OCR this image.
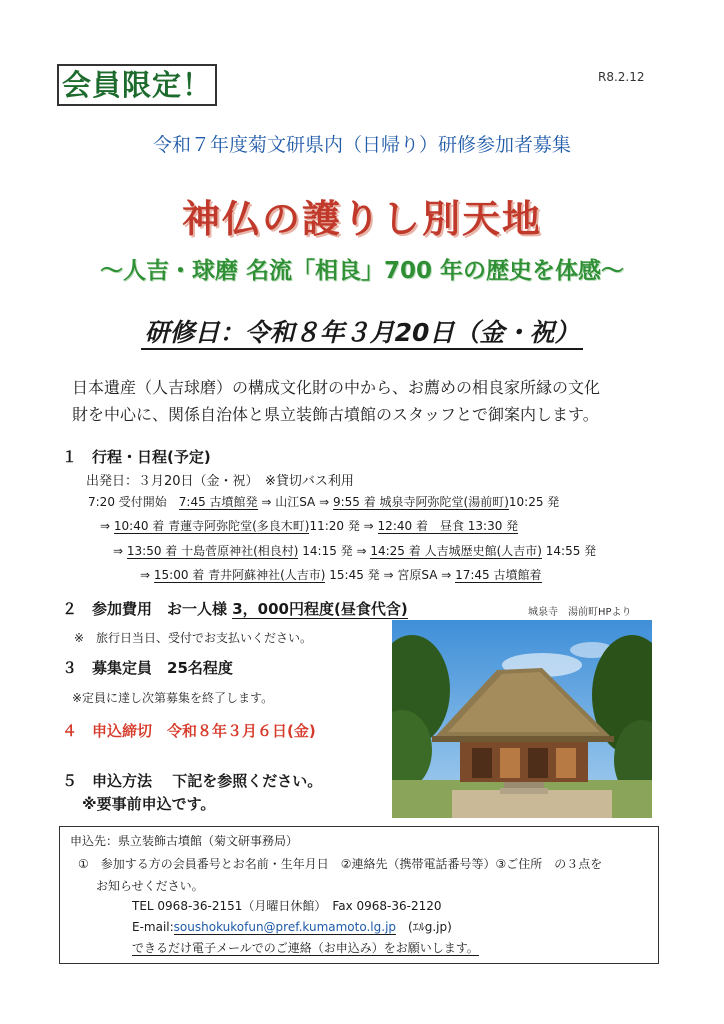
会員限定！	R8.2.12
令和７年度菊文研県内（日帰り）研修参加者募集
神仏の護りし別天地
～人吉・球磨 名流「相良」700 年の歴史を体感～
研修日：令和８年３月20日（金・祝）
日本遺産（人吉球磨）の構成文化財の中から、お薦めの相良家所縁の文化
財を中心に、関係自治体と県立装飾古墳館のスタッフとで御案内します。
１　行程・日程(予定)
出発日：３月20日（金・祝）　※貸切バス利用
7:20 受付開始　7:45 古墳館発 ⇒ 山江SA ⇒ 9:55 着 城泉寺阿弥陀堂(湯前町)10:25 発
⇒ 10:40 着 青蓮寺阿弥陀堂(多良木町)11:20 発 ⇒ 12:40 着　昼食 13:30 発
⇒ 13:50 着 十島菅原神社(相良村) 14:15 発 ⇒ 14:25 着 人吉城歴史館(人吉市) 14:55 発
⇒ 15:00 着 青井阿蘇神社(人吉市) 15:45 発 ⇒ 宮原SA ⇒ 17:45 古墳館着
２　参加費用　お一人様 3，000円程度(昼食代含)
※　旅行日当日、受付でお支払いください。
３　募集定員　25名程度
※定員に達し次第募集を終了します。
４　申込締切　令和８年３月６日(金)
５　申込方法　 下記を参照ください。
※要事前申込です。
城泉寺　湯前町HPより
申込先：県立装飾古墳館（菊文研事務局）
①　参加する方の会員番号とお名前・生年月日　②連絡先（携帯電話番号等）③ご住所　の３点を
お知らせください。
TEL 0968-36-2151（月曜日休館）　Fax 0968-36-2120
E-mail:soushokukofun@pref.kumamoto.lg.jp　(ｴﾙg.jp)
できるだけ電子メールでのご連絡（お申込み）をお願いします。
